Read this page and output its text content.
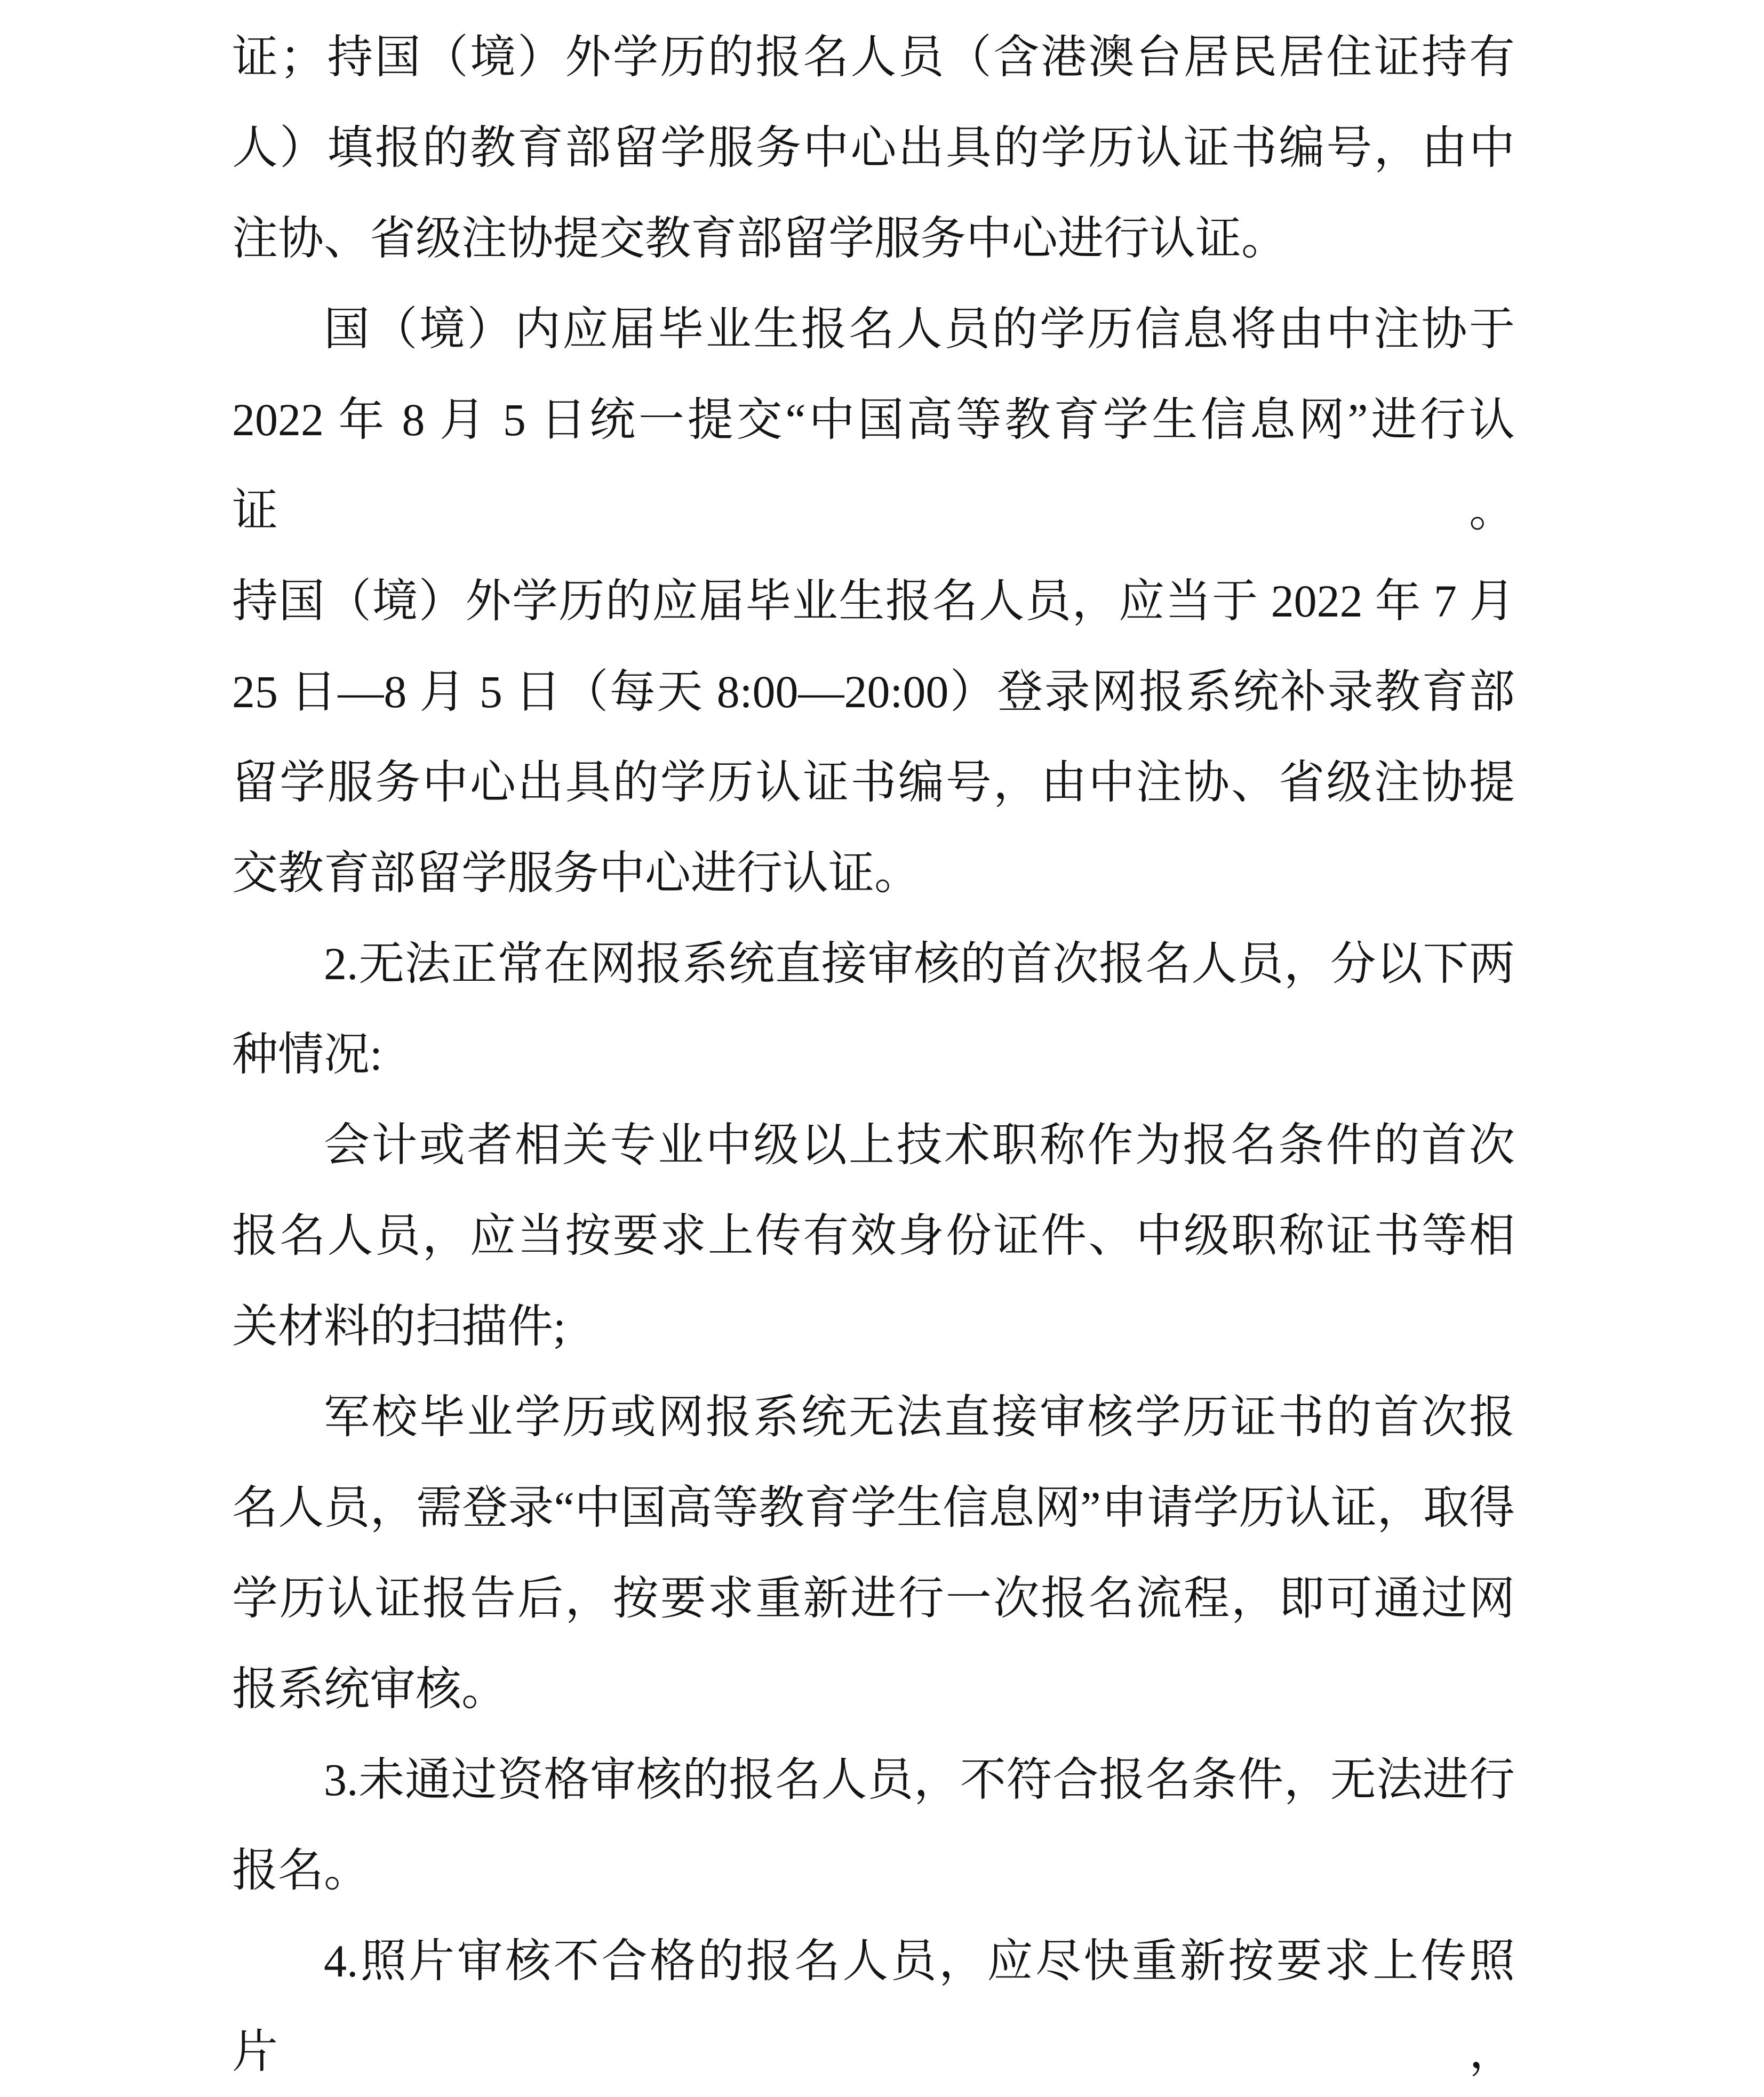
证；持国（境）外学历的报名人员（含港澳台居民居住证持有
人）填报的教育部留学服务中心出具的学历认证书编号，由中
注协、省级注协提交教育部留学服务中心进行认证。
国（境）内应届毕业生报名人员的学历信息将由中注协于
2022 年 8 月 5 日统一提交“中国高等教育学生信息网”进行认证。
持国（境）外学历的应届毕业生报名人员，应当于 2022 年 7 月
25 日—8 月 5 日（每天 8:00—20:00）登录网报系统补录教育部
留学服务中心出具的学历认证书编号，由中注协、省级注协提
交教育部留学服务中心进行认证。
2.无法正常在网报系统直接审核的首次报名人员，分以下两
种情况:
会计或者相关专业中级以上技术职称作为报名条件的首次
报名人员，应当按要求上传有效身份证件、中级职称证书等相
关材料的扫描件;
军校毕业学历或网报系统无法直接审核学历证书的首次报
名人员，需登录“中国高等教育学生信息网”申请学历认证，取得
学历认证报告后，按要求重新进行一次报名流程，即可通过网
报系统审核。
3.未通过资格审核的报名人员，不符合报名条件，无法进行
报名。
4.照片审核不合格的报名人员，应尽快重新按要求上传照片，
